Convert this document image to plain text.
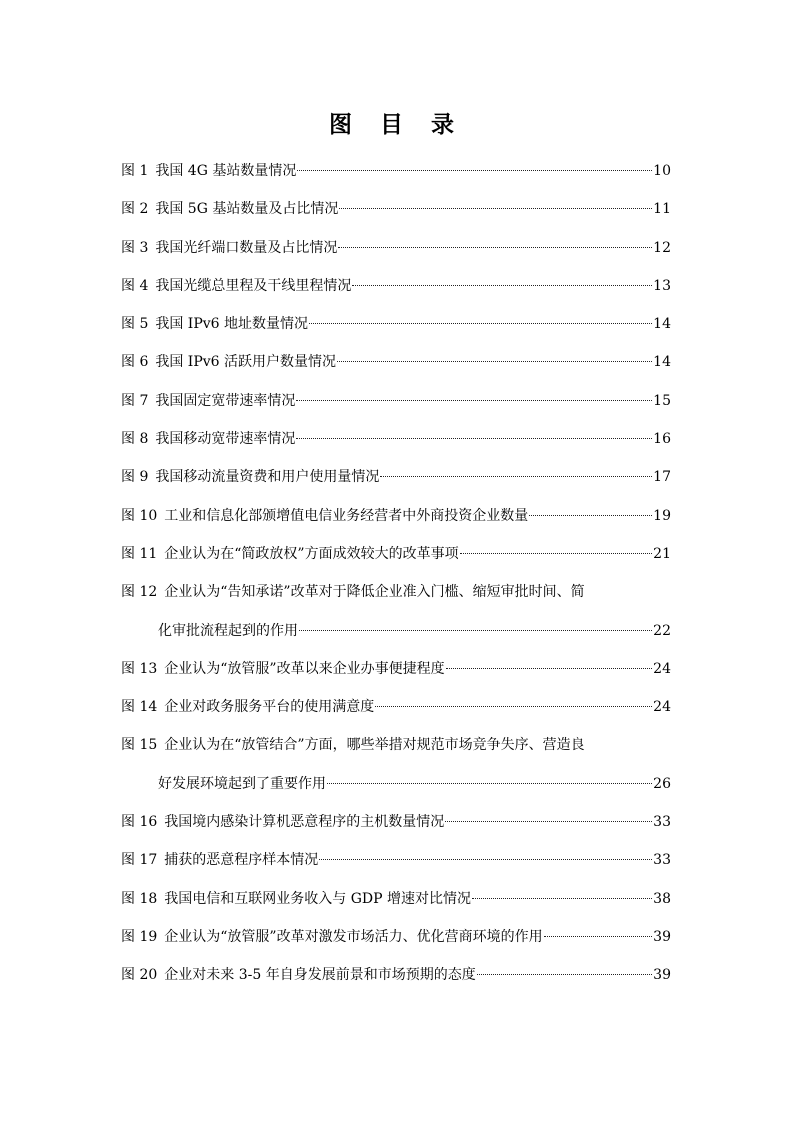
图 目 录
图 1 我国 4G 基站数量情况	10
图 2 我国 5G 基站数量及占比情况	11
图 3 我国光纤端口数量及占比情况	12
图 4 我国光缆总里程及干线里程情况	13
图 5 我国 IPv6 地址数量情况	14
图 6 我国 IPv6 活跃用户数量情况	14
图 7 我国固定宽带速率情况	15
图 8 我国移动宽带速率情况	16
图 9 我国移动流量资费和用户使用量情况	17
图 10 工业和信息化部颁增值电信业务经营者中外商投资企业数量	19
图 11 企业认为在“简政放权”方面成效较大的改革事项	21
图 12 企业认为“告知承诺”改革对于降低企业准入门槛、缩短审批时间、简
化审批流程起到的作用	22
图 13 企业认为“放管服”改革以来企业办事便捷程度	24
图 14 企业对政务服务平台的使用满意度	24
图 15 企业认为在“放管结合”方面，哪些举措对规范市场竞争失序、营造良
好发展环境起到了重要作用	26
图 16 我国境内感染计算机恶意程序的主机数量情况	33
图 17 捕获的恶意程序样本情况	33
图 18 我国电信和互联网业务收入与 GDP 增速对比情况	38
图 19 企业认为“放管服”改革对激发市场活力、优化营商环境的作用	39
图 20 企业对未来 3-5 年自身发展前景和市场预期的态度	39
